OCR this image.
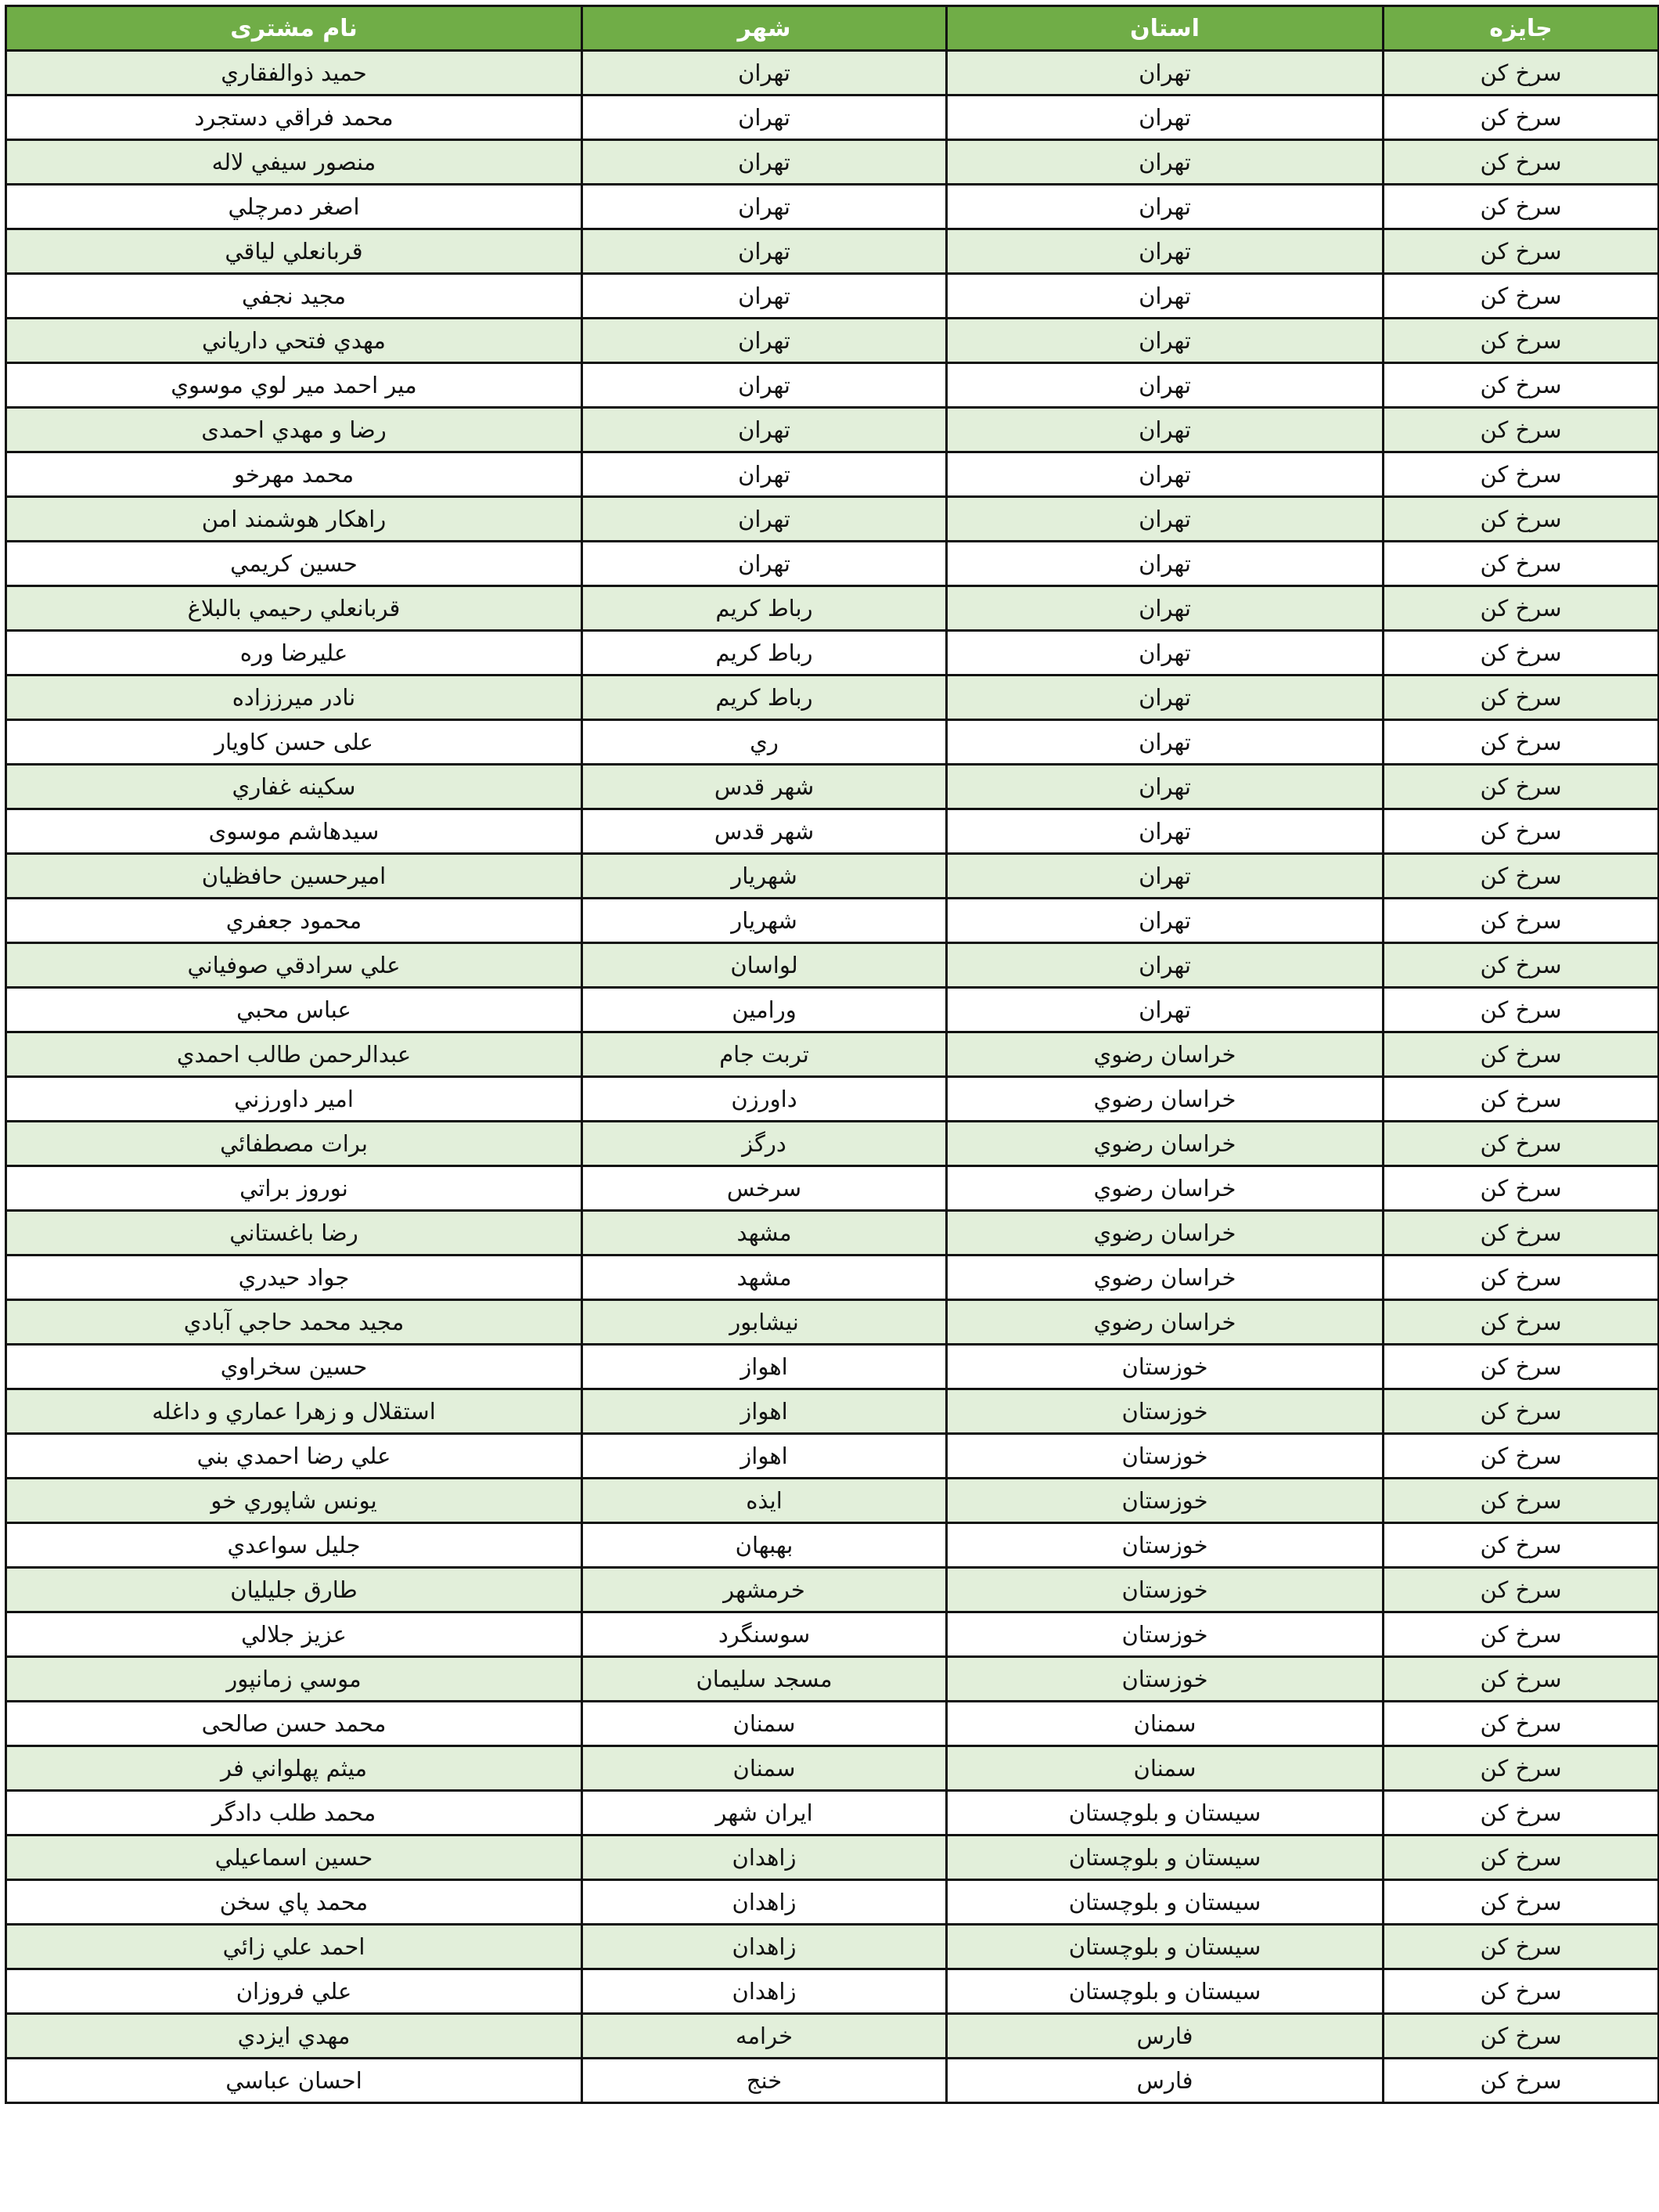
جایزه	استان	شهر	نام مشتری
سرخ کن	تهران	تهران	حميد ذوالفقاري
سرخ کن	تهران	تهران	محمد فراقي دستجرد
سرخ کن	تهران	تهران	منصور سيفي لاله
سرخ کن	تهران	تهران	اصغر دمرچلي
سرخ کن	تهران	تهران	قربانعلي لياقي
سرخ کن	تهران	تهران	مجيد نجفي
سرخ کن	تهران	تهران	مهدي فتحي دارياني
سرخ کن	تهران	تهران	مير احمد مير لوي موسوي
سرخ کن	تهران	تهران	رضا و مهدي احمدی
سرخ کن	تهران	تهران	محمد مهرخو
سرخ کن	تهران	تهران	راهكار هوشمند امن
سرخ کن	تهران	تهران	حسين كريمي
سرخ کن	تهران	رباط كريم	قربانعلي رحيمي بالبلاغ
سرخ کن	تهران	رباط كريم	عليرضا وره
سرخ کن	تهران	رباط كريم	نادر ميرززاده
سرخ کن	تهران	ري	على حسن كاويار
سرخ کن	تهران	شهر قدس	سكينه غفاري
سرخ کن	تهران	شهر قدس	سيدهاشم موسوی
سرخ کن	تهران	شهريار	اميرحسين حافظيان
سرخ کن	تهران	شهريار	محمود جعفري
سرخ کن	تهران	لواسان	علي سرادقي صوفياني
سرخ کن	تهران	ورامين	عباس محبي
سرخ کن	خراسان رضوي	تربت جام	عبدالرحمن طالب احمدي
سرخ کن	خراسان رضوي	داورزن	امير داورزني
سرخ کن	خراسان رضوي	درگز	برات مصطفائي
سرخ کن	خراسان رضوي	سرخس	نوروز براتي
سرخ کن	خراسان رضوي	مشهد	رضا باغستاني
سرخ کن	خراسان رضوي	مشهد	جواد حيدري
سرخ کن	خراسان رضوي	نيشابور	مجيد محمد حاجي آبادي
سرخ کن	خوزستان	اهواز	حسين سخراوي
سرخ کن	خوزستان	اهواز	استقلال و زهرا عماري و داغله
سرخ کن	خوزستان	اهواز	علي رضا احمدي بني
سرخ کن	خوزستان	ايذه	يونس شاپوري خو
سرخ کن	خوزستان	بهبهان	جليل سواعدي
سرخ کن	خوزستان	خرمشهر	طارق جليليان
سرخ کن	خوزستان	سوسنگرد	عزيز جلالي
سرخ کن	خوزستان	مسجد سليمان	موسي زمانپور
سرخ کن	سمنان	سمنان	محمد حسن صالحی
سرخ کن	سمنان	سمنان	ميثم پهلواني فر
سرخ کن	سيستان و بلوچستان	ايران شهر	محمد طلب دادگر
سرخ کن	سيستان و بلوچستان	زاهدان	حسين اسماعيلي
سرخ کن	سيستان و بلوچستان	زاهدان	محمد پاي سخن
سرخ کن	سيستان و بلوچستان	زاهدان	احمد علي زائي
سرخ کن	سيستان و بلوچستان	زاهدان	علي فروزان
سرخ کن	فارس	خرامه	مهدي ايزدي
سرخ کن	فارس	خنج	احسان عباسي
